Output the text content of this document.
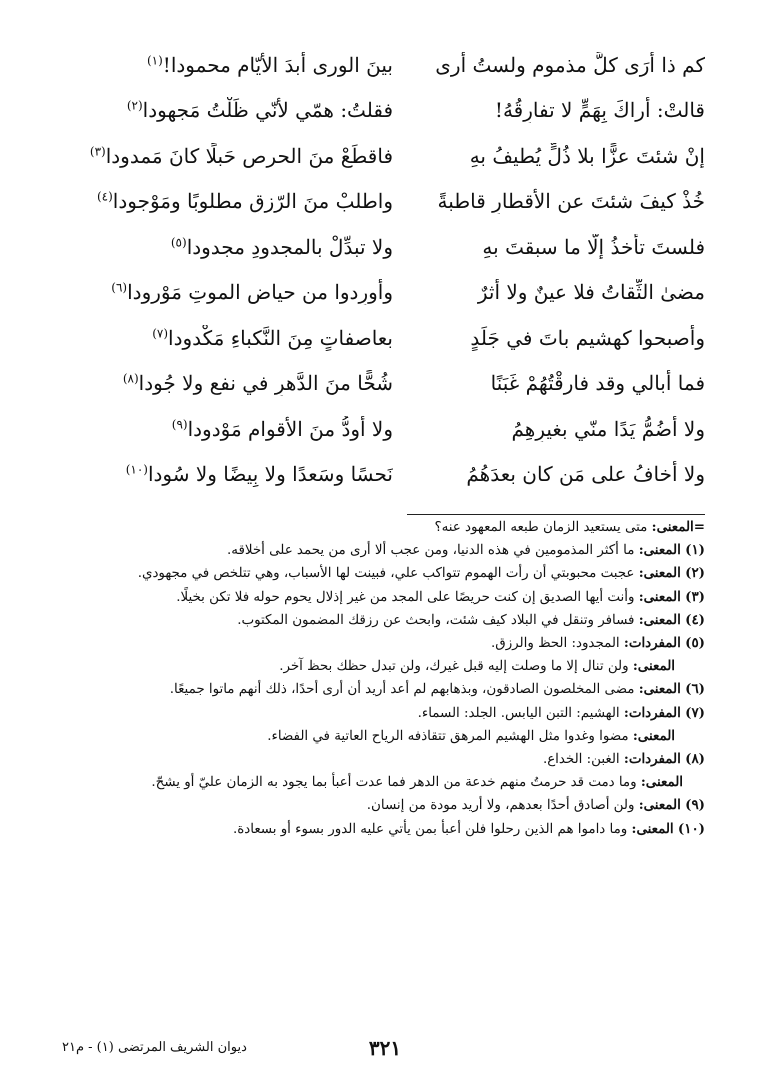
كم ذا أرَى كلَّ مذمومٍ ولستُ أرى
بينَ الورى أبدَ الأيّامِ محمودا!$^{(١)}$
قالتْ: أراكَ بِهَمٍّ لا تفارِقُهُ!
فقلتُ: همّي لأنّي ظَلْتُ مَجهودا$^{(٢)}$
إنْ شئتَ عزًّا بلا ذُلٍّ يُطيفُ بهِ
فاقطَعْ منَ الحرصِ حَبلًا كانَ مَمدودا$^{(٣)}$
خُذْ كيفَ شئتَ عنِ الأقطارِ قاطبةً
واطلبْ منَ الرّزقِ مطلوبًا ومَوْجودا$^{(٤)}$
فلستَ تأخذُ إلّا ما سبقتَ بهِ
ولا تبدِّلْ بالمجدودِ مجدودا$^{(٥)}$
مضىٰ الثِّقاتُ فلا عينٌ ولا أثرٌ
وأُورِدوا من حياضِ الموتِ مَوْرودا$^{(٦)}$
وأصبحوا كهشيمٍ باتَ في جَلَدٍ
بعاصفاتٍ مِنَ النَّكباءِ مَكْدودا$^{(٧)}$
فما أُبالي وقد فارقْتُهُمْ غَبَنًا
شُحًّا منَ الدَّهرِ في نفعٍ ولا جُودا$^{(٨)}$
ولا أضُمُّ يَدًا منّي بغيرِهِمُ
ولا أودُّ منَ الأقوامِ مَوْدودا$^{(٩)}$
ولا أخافُ على مَن كان بعدَهُمُ
نَحسًا وسَعدًا ولا بِيضًا ولا سُودا$^{(١٠)}$
=المعنى: متى يستعيد الزمان طبعه المعهود عنه؟
(١) المعنى: ما أكثر المذمومين في هذه الدنيا، ومن عجب ألا أرى من يحمد على أخلاقه.
(٢) المعنى: عجبت محبوبتي أن رأت الهموم تتواكب علي، فبينت لها الأسباب، وهي تتلخص في مجهودي.
(٣) المعنى: وأنت أيها الصديق إن كنت حريصًا على المجد من غير إذلال يحوم حوله فلا تكن بخيلًا.
(٤) المعنى: فسافر وتنقل في البلاد كيف شئت، وابحث عن رزقك المضمون المكتوب.
(٥) المفردات: المجدود: الحظ والرزق.
المعنى: ولن تنال إلا ما وصلت إليه قبل غيرك، ولن تبدل حظك بحظ آخر.
(٦) المعنى: مضى المخلصون الصادقون، وبذهابهم لم أعد أريد أن أرى أحدًا، ذلك أنهم ماتوا جميعًا.
(٧) المفردات: الهشيم: التبن اليابس. الجلد: السماء.
المعنى: مضوا وغدوا مثل الهشيم المرهق تتقاذفه الرياح العاتية في الفضاء.
(٨) المفردات: الغبن: الخداع.
المعنى: وما دمت قد حرمتُ منهم خدعة من الدهر فما عدت أعبأ بما يجود به الزمان عليّ أو يشحّ.
(٩) المعنى: ولن أصادق أحدًا بعدهم، ولا أريد مودة من إنسان.
(١٠) المعنى: وما داموا هم الذين رحلوا فلن أعبأ بمن يأتي عليه الدور بسوء أو بسعادة.
٣٢١
ديوان الشريف المرتضى (١) - م٢١
